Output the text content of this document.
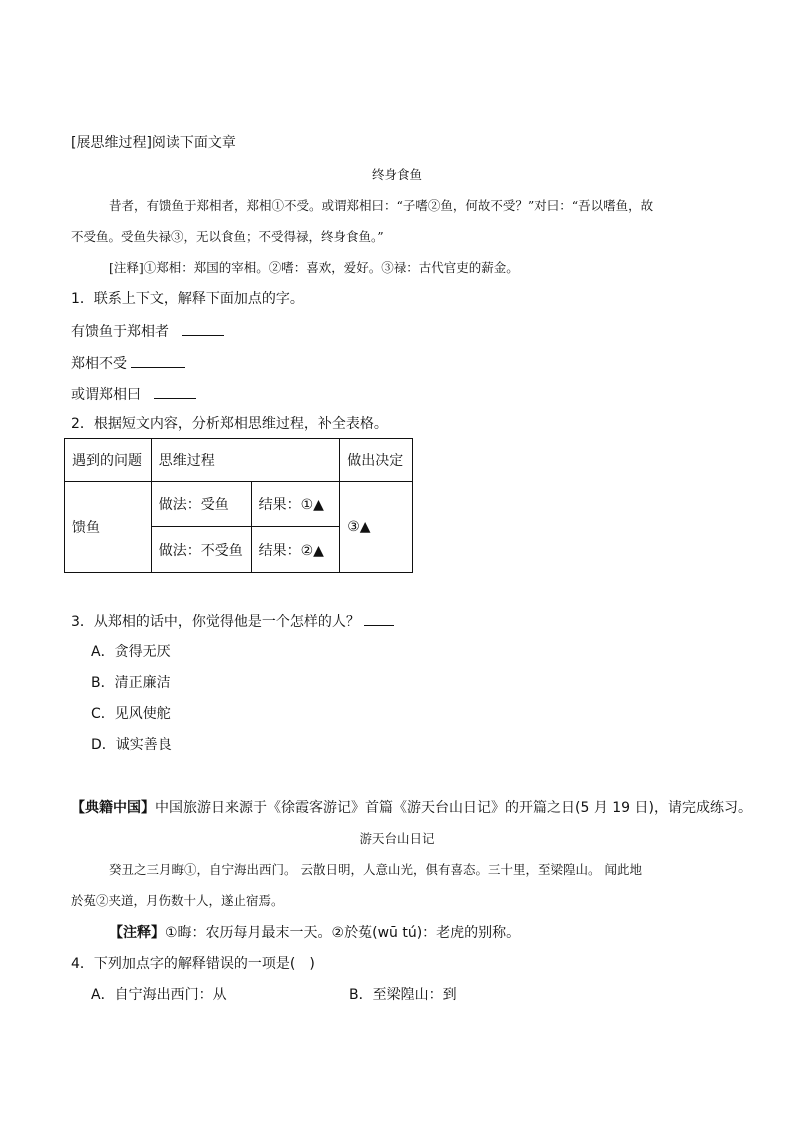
[展思维过程]阅读下面文章
终身食鱼
昔者，有馈鱼于郑相者，郑相①不受。或谓郑相曰：“子嗜②鱼，何故不受？”对曰：“吾以嗜鱼，故
不受鱼。受鱼失禄③，无以食鱼；不受得禄，终身食鱼。”
[注释]①郑相：郑国的宰相。②嗜：喜欢，爱好。③禄：古代官吏的薪金。
1．联系上下文，解释下面加点的字。
有馈鱼于郑相者
郑相不受
或谓郑相曰
2．根据短文内容，分析郑相思维过程，补全表格。
遇到的问题	思维过程		做出决定
馈鱼	做法：受鱼	结果：①▲	③▲
	做法：不受鱼	结果：②▲	
3．从郑相的话中，你觉得他是一个怎样的人？
A．贪得无厌
B．清正廉洁
C．见风使舵
D．诚实善良
【典籍中国】中国旅游日来源于《徐霞客游记》首篇《游天台山日记》的开篇之日(5 月 19 日)，请完成练习。
游天台山日记
癸丑之三月晦①，自宁海出西门。 云散日明，人意山光，俱有喜态。三十里，至梁隍山。 闻此地
於菟②夹道，月伤数十人，遂止宿焉。
【注释】①晦：农历每月最末一天。②於菟(wū tú)：老虎的别称。
4．下列加点字的解释错误的一项是(　)
A．自宁海出西门：从	B．至梁隍山：到
